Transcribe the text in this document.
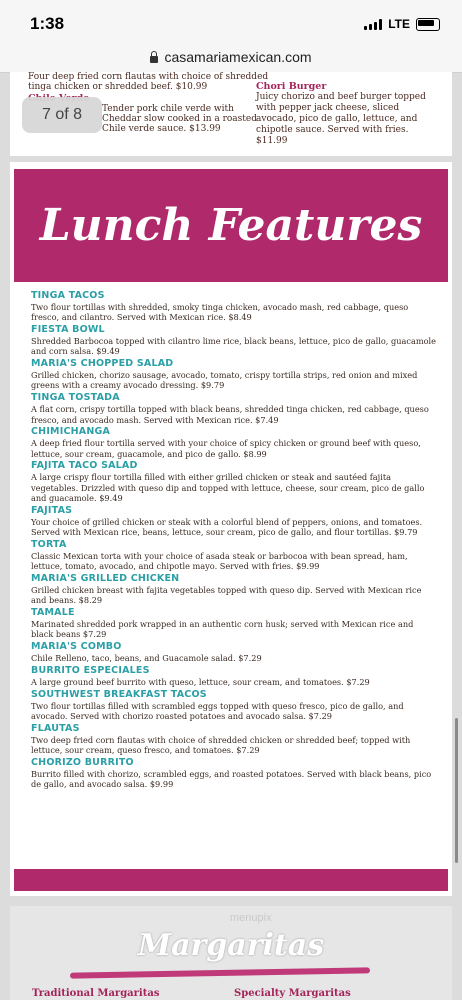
1:38	LTE
casamariamexican.com
Four deep fried corn flautas with choice of shredded
tinga chicken or shredded beef. $10.99
Tender pork chile verde with
Cheddar slow cooked in a roasted
Chile verde sauce. $13.99
Chori Burger
Juicy chorizo and beef burger topped with pepper jack cheese, sliced avocado, pico de gallo, lettuce, and chipotle sauce. Served with fries. $11.99
7 of 8
Lunch Features
TINGA TACOS
Two flour tortillas with shredded, smoky tinga chicken, avocado mash, red cabbage, queso fresco, and cilantro. Served with Mexican rice. $8.49
FIESTA BOWL
Shredded Barbocoa topped with cilantro lime rice, black beans, lettuce, pico de gallo, guacamole and corn salsa. $9.49
MARIA'S CHOPPED SALAD
Grilled chicken, chorizo sausage, avocado, tomato, crispy tortilla strips, red onion and mixed greens with a creamy avocado dressing. $9.79
TINGA TOSTADA
A flat corn, crispy tortilla topped with black beans, shredded tinga chicken, red cabbage, queso fresco, and avocado mash. Served with Mexican rice. $7.49
CHIMICHANGA
A deep fried flour tortilla served with your choice of spicy chicken or ground beef with queso, lettuce, sour cream, guacamole, and pico de gallo. $8.99
FAJITA TACO SALAD
A large crispy flour tortilla filled with either grilled chicken or steak and sautéed fajita vegetables. Drizzled with queso dip and topped with lettuce, cheese, sour cream, pico de gallo and guacamole. $9.49
FAJITAS
Your choice of grilled chicken or steak with a colorful blend of peppers, onions, and tomatoes. Served with Mexican rice, beans, lettuce, sour cream, pico de gallo, and flour tortillas. $9.79
TORTA
Classic Mexican torta with your choice of asada steak or barbocoa with bean spread, ham, lettuce, tomato, avocado, and chipotle mayo. Served with fries. $9.99
MARIA'S GRILLED CHICKEN
Grilled chicken breast with fajita vegetables topped with queso dip. Served with Mexican rice and beans. $8.29
TAMALE
Marinated shredded pork wrapped in an authentic corn husk; served with Mexican rice and black beans $7.29
MARIA'S COMBO
Chile Relleno, taco, beans, and Guacamole salad. $7.29
BURRITO ESPECIALES
A large ground beef burrito with queso, lettuce, sour cream, and tomatoes. $7.29
SOUTHWEST BREAKFAST TACOS
Two flour tortillas filled with scrambled eggs topped with queso fresco, pico de gallo, and avocado. Served with chorizo roasted potatoes and avocado salsa. $7.29
FLAUTAS
Two deep fried corn flautas with choice of shredded chicken or shredded beef; topped with lettuce, sour cream, queso fresco, and tomatoes. $7.29
CHORIZO BURRITO
Burrito filled with chorizo, scrambled eggs, and roasted potatoes. Served with black beans, pico de gallo, and avocado salsa. $9.99
menupix
Margaritas
Traditional Margaritas	Specialty Margaritas
